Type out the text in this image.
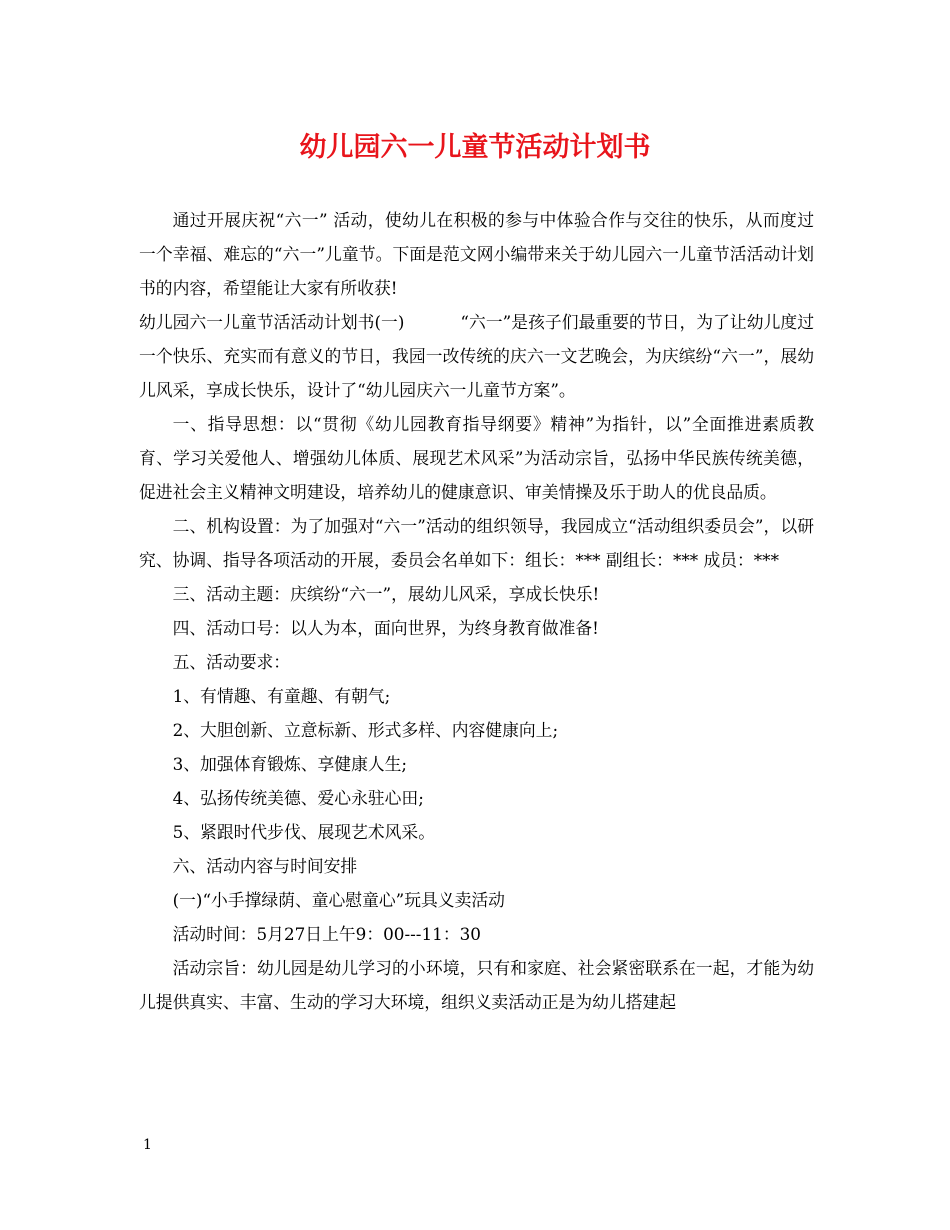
幼儿园六一儿童节活动计划书

通过开展庆祝“六一” 活动，使幼儿在积极的参与中体验合作与交往的快乐，从而度过一个幸福、难忘的“六一”儿童节。下面是范文网小编带来关于幼儿园六一儿童节活活动计划书的内容，希望能让大家有所收获!

幼儿园六一儿童节活活动计划书(一)	“六一”是孩子们最重要的节日，为了让幼儿度过一个快乐、充实而有意义的节日，我园一改传统的庆六一文艺晚会，为庆缤纷“六一”，展幼儿风采，享成长快乐，设计了“幼儿园庆六一儿童节方案”。

一、指导思想：以“贯彻《幼儿园教育指导纲要》精神”为指针，以”全面推进素质教育、学习关爱他人、增强幼儿体质、展现艺术风采”为活动宗旨，弘扬中华民族传统美德，促进社会主义精神文明建设，培养幼儿的健康意识、审美情操及乐于助人的优良品质。

二、机构设置：为了加强对“六一”活动的组织领导，我园成立“活动组织委员会”，以研究、协调、指导各项活动的开展，委员会名单如下：组长：*** 副组长：*** 成员：***

三、活动主题：庆缤纷“六一”，展幼儿风采，享成长快乐!

四、活动口号：以人为本，面向世界，为终身教育做准备!

五、活动要求：

1、有情趣、有童趣、有朝气;

2、大胆创新、立意标新、形式多样、内容健康向上;

3、加强体育锻炼、享健康人生;

4、弘扬传统美德、爱心永驻心田;

5、紧跟时代步伐、展现艺术风采。

六、活动内容与时间安排

(一)“小手撑绿荫、童心慰童心”玩具义卖活动

活动时间：5月27日上午9：00---11：30

活动宗旨：幼儿园是幼儿学习的小环境，只有和家庭、社会紧密联系在一起，才能为幼儿提供真实、丰富、生动的学习大环境，组织义卖活动正是为幼儿搭建起

1
